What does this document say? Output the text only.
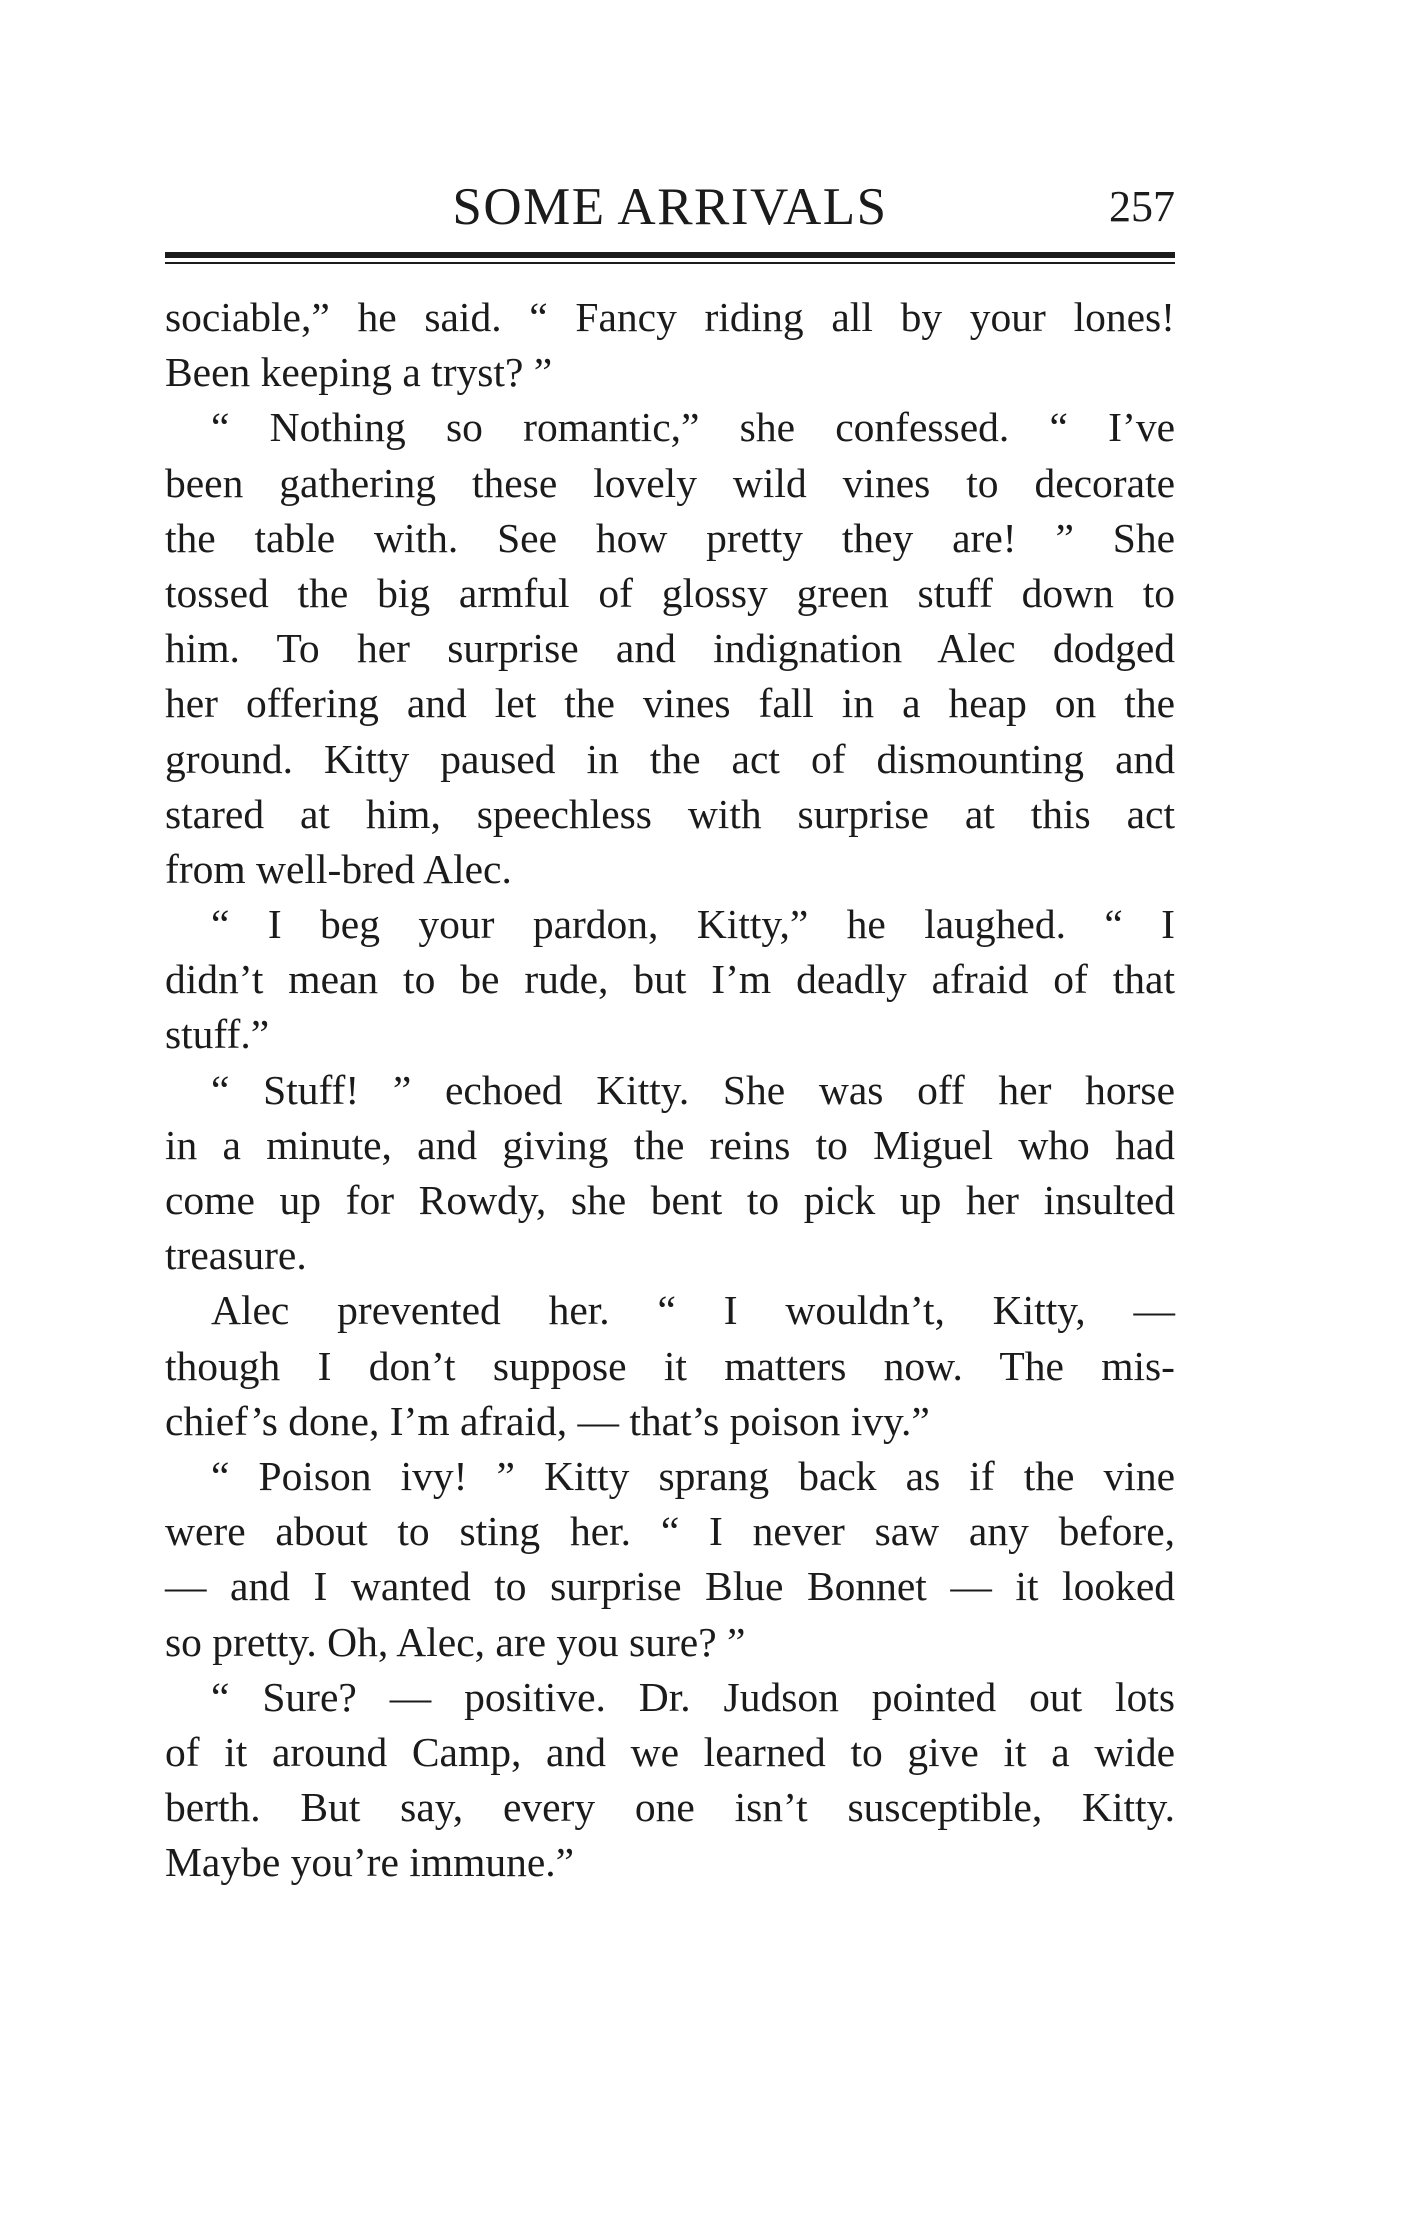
SOME ARRIVALS	257
sociable,” he said. “ Fancy riding all by your lones!
Been keeping a tryst? ”
“ Nothing so romantic,” she confessed. “ I’ve
been gathering these lovely wild vines to decorate
the table with. See how pretty they are! ” She
tossed the big armful of glossy green stuff down to
him. To her surprise and indignation Alec dodged
her offering and let the vines fall in a heap on the
ground. Kitty paused in the act of dismounting and
stared at him, speechless with surprise at this act
from well-bred Alec.
“ I beg your pardon, Kitty,” he laughed. “ I
didn’t mean to be rude, but I’m deadly afraid of that
stuff.”
“ Stuff! ” echoed Kitty. She was off her horse
in a minute, and giving the reins to Miguel who had
come up for Rowdy, she bent to pick up her insulted
treasure.
Alec prevented her. “ I wouldn’t, Kitty, —
though I don’t suppose it matters now. The mis-
chief’s done, I’m afraid, — that’s poison ivy.”
“ Poison ivy! ” Kitty sprang back as if the vine
were about to sting her. “ I never saw any before,
— and I wanted to surprise Blue Bonnet — it looked
so pretty. Oh, Alec, are you sure? ”
“ Sure? — positive. Dr. Judson pointed out lots
of it around Camp, and we learned to give it a wide
berth. But say, every one isn’t susceptible, Kitty.
Maybe you’re immune.”
